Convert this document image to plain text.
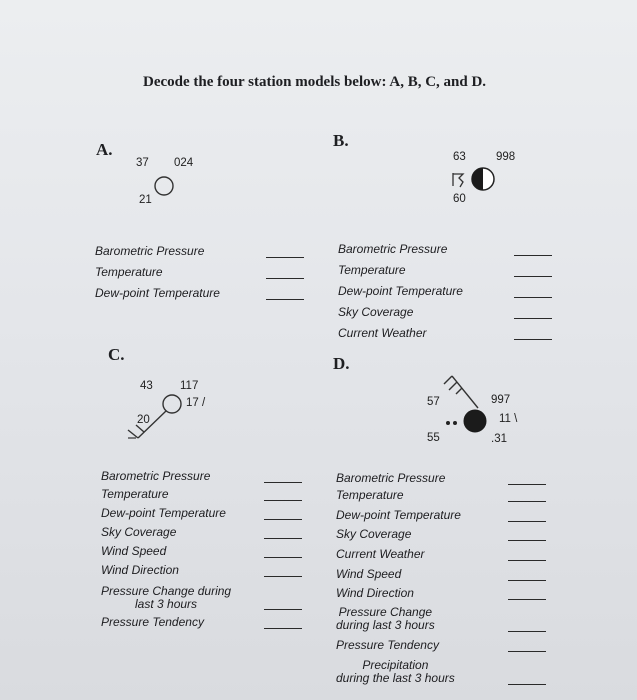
Decode the four station models below: A, B, C, and D.
A.
37 024
21
Barometric Pressure
Temperature
Dew-point Temperature
B.
63	998
60
Barometric Pressure
Temperature
Dew-point Temperature
Sky Coverage
Current Weather
C.
43 117
17 /
20
Barometric Pressure
Temperature
Dew-point Temperature
Sky Coverage
Wind Speed
Wind Direction
Pressure Change during
last 3 hours
Pressure Tendency
D.
57	997
11 \
55	.31
Barometric Pressure
Temperature
Dew-point Temperature
Sky Coverage
Current Weather
Wind Speed
Wind Direction
Pressure Change
during last 3 hours
Pressure Tendency
Precipitation
during the last 3 hours
